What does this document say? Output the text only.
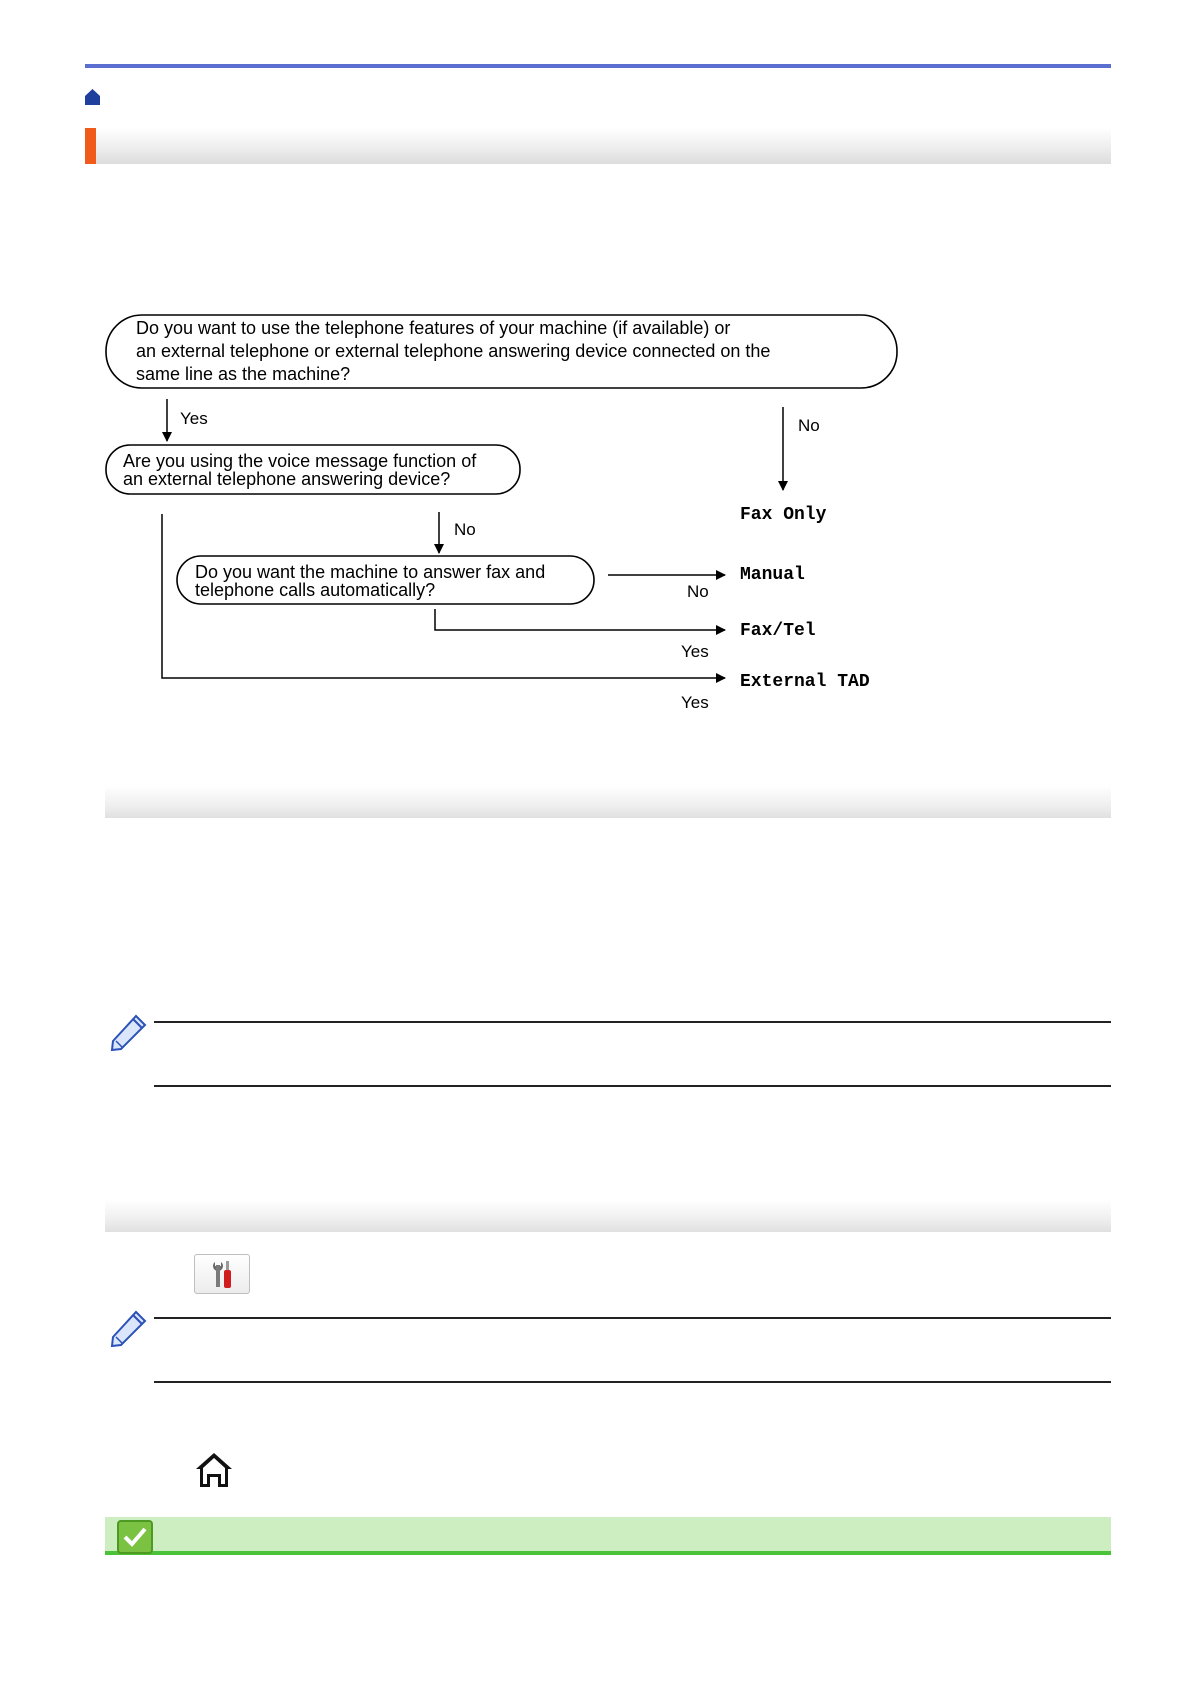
Do you want to use the telephone features of your machine (if available) or
an external telephone or external telephone answering device connected on the
same line as the machine?
Yes	No
Fax Only
Are you using the voice message function of
an external telephone answering device?
No
Do you want the machine to answer fax and
telephone calls automatically?	No
Manual
Yes
Fax/Tel
Yes
External TAD
